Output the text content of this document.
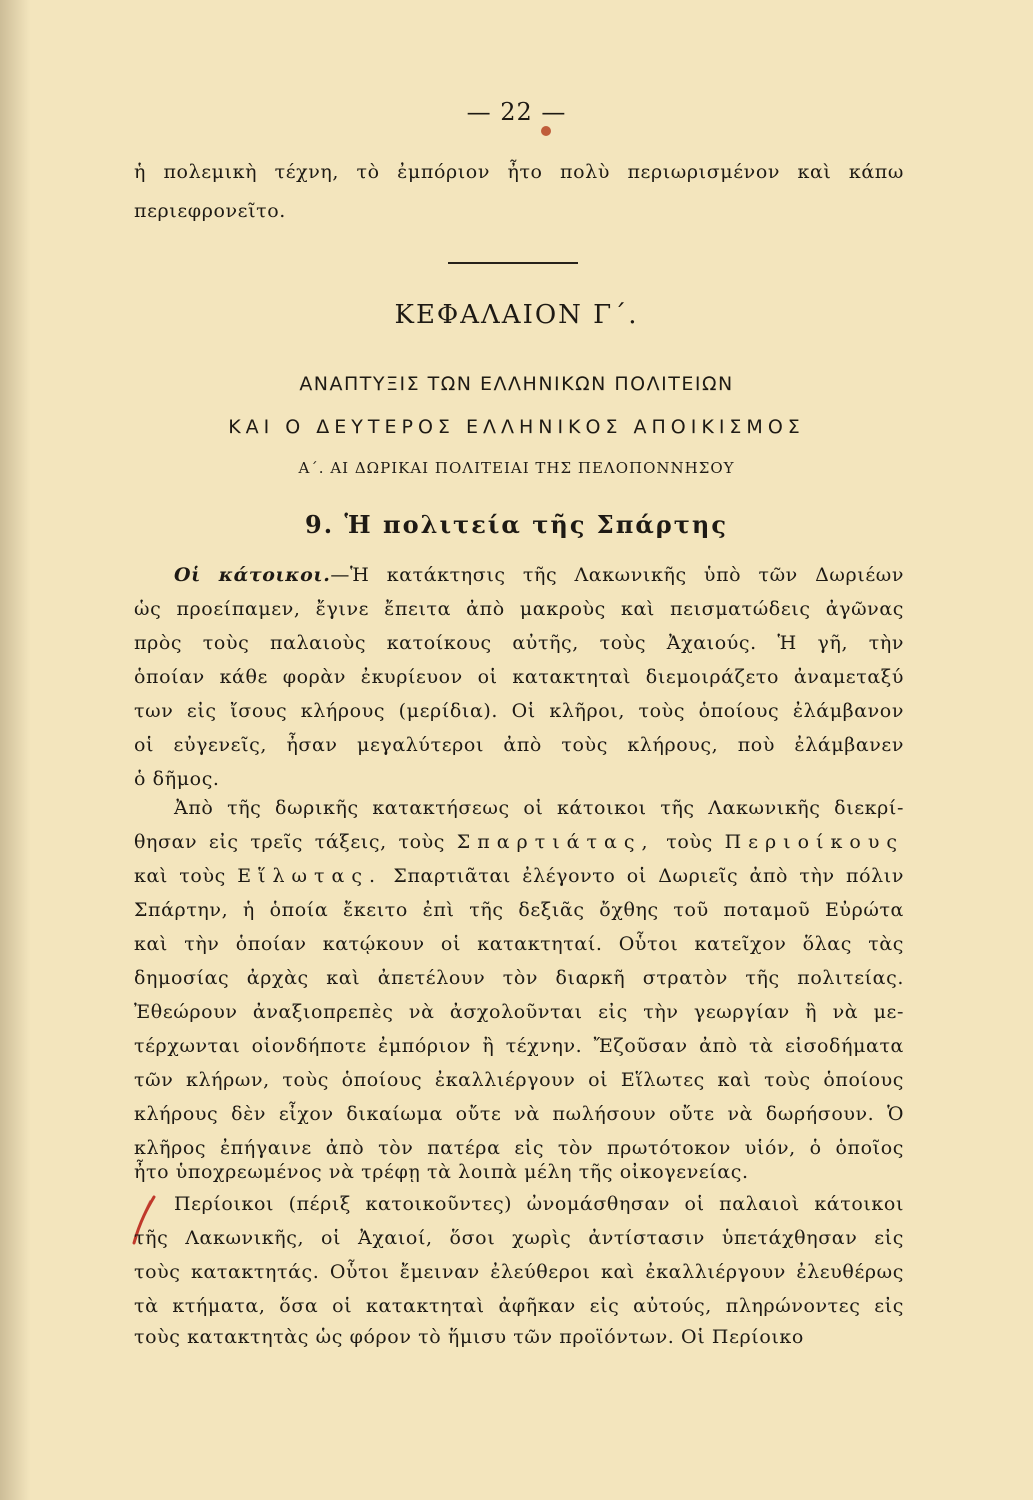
— 22 —
ἡ πολεμικὴ τέχνη, τὸ ἐμπόριον ἦτο πολὺ περιωρισμένον καὶ κάπω
περιεφρονεῖτο.
ΚΕΦΑΛΑΙΟΝ Γ΄.
ΑΝΑΠΤΥΞΙΣ ΤΩΝ ΕΛΛΗΝΙΚΩΝ ΠΟΛΙΤΕΙΩΝ
ΚΑΙ Ο ΔΕΥΤΕΡΟΣ ΕΛΛΗΝΙΚΟΣ ΑΠΟΙΚΙΣΜΟΣ
Α΄. ΑΙ ΔΩΡΙΚΑΙ ΠΟΛΙΤΕΙΑΙ ΤΗΣ ΠΕΛΟΠΟΝΝΗΣΟΥ
9. Ἡ πολιτεία τῆς Σπάρτης
Οἱ κάτοικοι.—Ἡ κατάκτησις τῆς Λακωνικῆς ὑπὸ τῶν Δωριέων
ὡς προείπαμεν, ἔγινε ἔπειτα ἀπὸ μακροὺς καὶ πεισματώδεις ἀγῶνας
πρὸς τοὺς παλαιοὺς κατοίκους αὐτῆς, τοὺς Ἀχαιούς. Ἡ γῆ, τὴν
ὁποίαν κάθε φορὰν ἐκυρίευον οἱ κατακτηταὶ διεμοιράζετο ἀναμεταξύ
των εἰς ἴσους κλήρους (μερίδια). Οἱ κλῆροι, τοὺς ὁποίους ἐλάμβανον
οἱ εὐγενεῖς, ἦσαν μεγαλύτεροι ἀπὸ τοὺς κλήρους, ποὺ ἐλάμβανεν
ὁ δῆμος.
Ἀπὸ τῆς δωρικῆς κατακτήσεως οἱ κάτοικοι τῆς Λακωνικῆς διεκρί-
θησαν εἰς τρεῖς τάξεις, τοὺς Σπαρτιάτας, τοὺς Περιοίκους
καὶ τοὺς Εἵλωτας. Σπαρτιᾶται ἐλέγοντο οἱ Δωριεῖς ἀπὸ τὴν πόλιν
Σπάρτην, ἡ ὁποία ἔκειτο ἐπὶ τῆς δεξιᾶς ὄχθης τοῦ ποταμοῦ Εὐρώτα
καὶ τὴν ὁποίαν κατῴκουν οἱ κατακτηταί. Οὗτοι κατεῖχον ὅλας τὰς
δημοσίας ἀρχὰς καὶ ἀπετέλουν τὸν διαρκῆ στρατὸν τῆς πολιτείας.
Ἐθεώρουν ἀναξιοπρεπὲς νὰ ἀσχολοῦνται εἰς τὴν γεωργίαν ἢ νὰ με-
τέρχωνται οἱονδήποτε ἐμπόριον ἢ τέχνην. Ἔζοῦσαν ἀπὸ τὰ εἰσοδήματα
τῶν κλήρων, τοὺς ὁποίους ἐκαλλιέργουν οἱ Εἵλωτες καὶ τοὺς ὁποίους
κλήρους δὲν εἶχον δικαίωμα οὔτε νὰ πωλήσουν οὔτε νὰ δωρήσουν. Ὁ
κλῆρος ἐπήγαινε ἀπὸ τὸν πατέρα εἰς τὸν πρωτότοκον υἱόν, ὁ ὁποῖος
ἦτο ὑποχρεωμένος νὰ τρέφῃ τὰ λοιπὰ μέλη τῆς οἰκογενείας.
Περίοικοι (πέριξ κατοικοῦντες) ὠνομάσθησαν οἱ παλαιοὶ κάτοικοι
τῆς Λακωνικῆς, οἱ Ἀχαιοί, ὅσοι χωρὶς ἀντίστασιν ὑπετάχθησαν εἰς
τοὺς κατακτητάς. Οὗτοι ἔμειναν ἐλεύθεροι καὶ ἐκαλλιέργουν ἐλευθέρως
τὰ κτήματα, ὅσα οἱ κατακτηταὶ ἀφῆκαν εἰς αὐτούς, πληρώνοντες εἰς
τοὺς κατακτητὰς ὡς φόρον τὸ ἥμισυ τῶν προϊόντων. Οἱ Περίοικο
